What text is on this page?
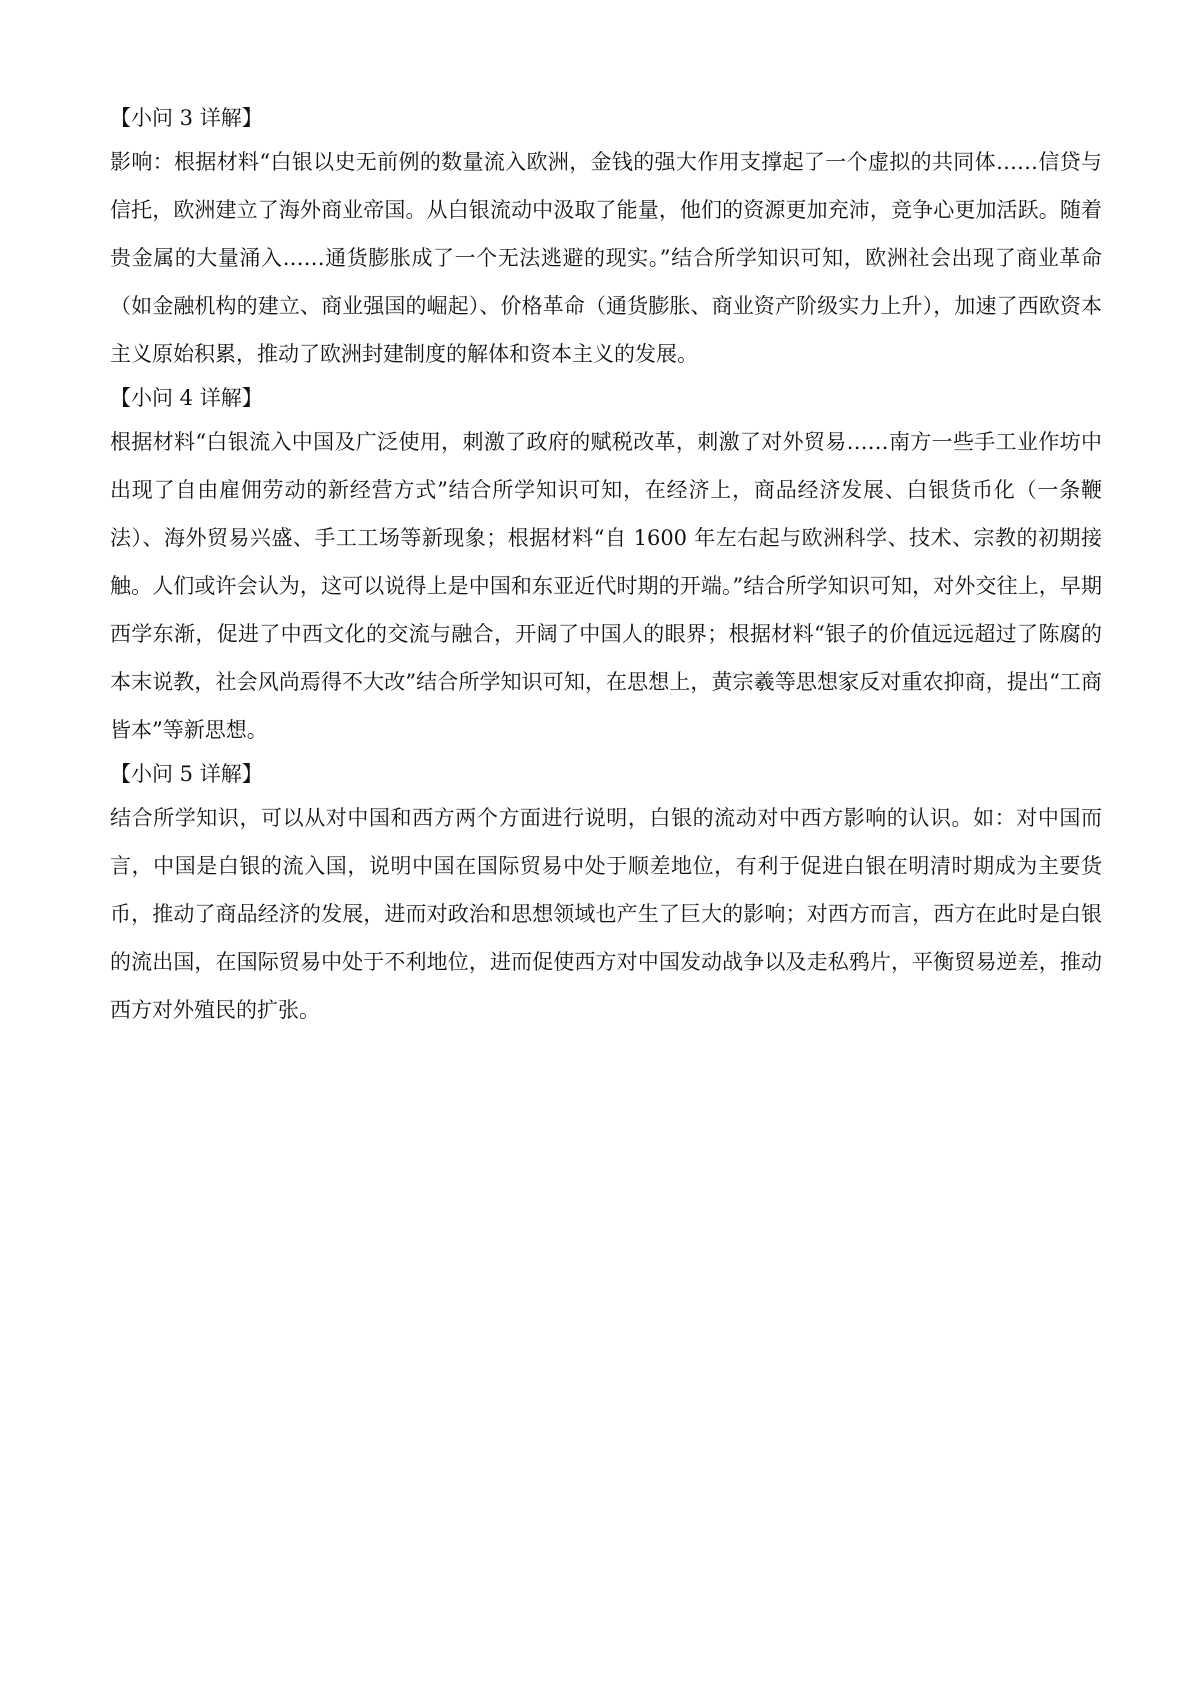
【小问 3 详解】

影响：根据材料“白银以史无前例的数量流入欧洲，金钱的强大作用支撑起了一个虚拟的共同体……信贷与信托，欧洲建立了海外商业帝国。从白银流动中汲取了能量，他们的资源更加充沛，竞争心更加活跃。随着贵金属的大量涌入……通货膨胀成了一个无法逃避的现实。”结合所学知识可知，欧洲社会出现了商业革命（如金融机构的建立、商业强国的崛起）、价格革命（通货膨胀、商业资产阶级实力上升），加速了西欧资本主义原始积累，推动了欧洲封建制度的解体和资本主义的发展。

【小问 4 详解】

根据材料“白银流入中国及广泛使用，刺激了政府的赋税改革，刺激了对外贸易……南方一些手工业作坊中出现了自由雇佣劳动的新经营方式”结合所学知识可知，在经济上，商品经济发展、白银货币化（一条鞭法）、海外贸易兴盛、手工工场等新现象；根据材料“自 1600 年左右起与欧洲科学、技术、宗教的初期接触。人们或许会认为，这可以说得上是中国和东亚近代时期的开端。”结合所学知识可知，对外交往上，早期西学东渐，促进了中西文化的交流与融合，开阔了中国人的眼界；根据材料“银子的价值远远超过了陈腐的本末说教，社会风尚焉得不大改”结合所学知识可知，在思想上，黄宗羲等思想家反对重农抑商，提出“工商皆本”等新思想。

【小问 5 详解】

结合所学知识，可以从对中国和西方两个方面进行说明，白银的流动对中西方影响的认识。如：对中国而言，中国是白银的流入国，说明中国在国际贸易中处于顺差地位，有利于促进白银在明清时期成为主要货币，推动了商品经济的发展，进而对政治和思想领域也产生了巨大的影响；对西方而言，西方在此时是白银的流出国，在国际贸易中处于不利地位，进而促使西方对中国发动战争以及走私鸦片，平衡贸易逆差，推动西方对外殖民的扩张。
